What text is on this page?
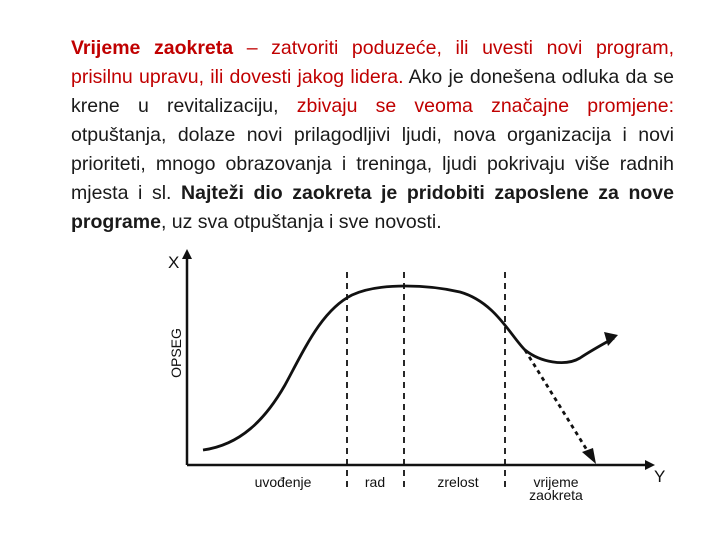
Vrijeme zaokreta – zatvoriti poduzeće, ili uvesti novi program, prisilnu upravu, ili dovesti jakog lidera. Ako je donešena odluka da se krene u revitalizaciju, zbivaju se veoma značajne promjene: otpuštanja, dolaze novi prilagodljivi ljudi, nova organizacija i novi prioriteti, mnogo obrazovanja i treninga, ljudi pokrivaju više radnih mjesta i sl. Najteži dio zaokreta je pridobiti zaposlene za nove programe, uz sva otpuštanja i sve novosti.

X
Y
OPSEG
uvođenje	rad	zrelost	vrijeme zaokreta
